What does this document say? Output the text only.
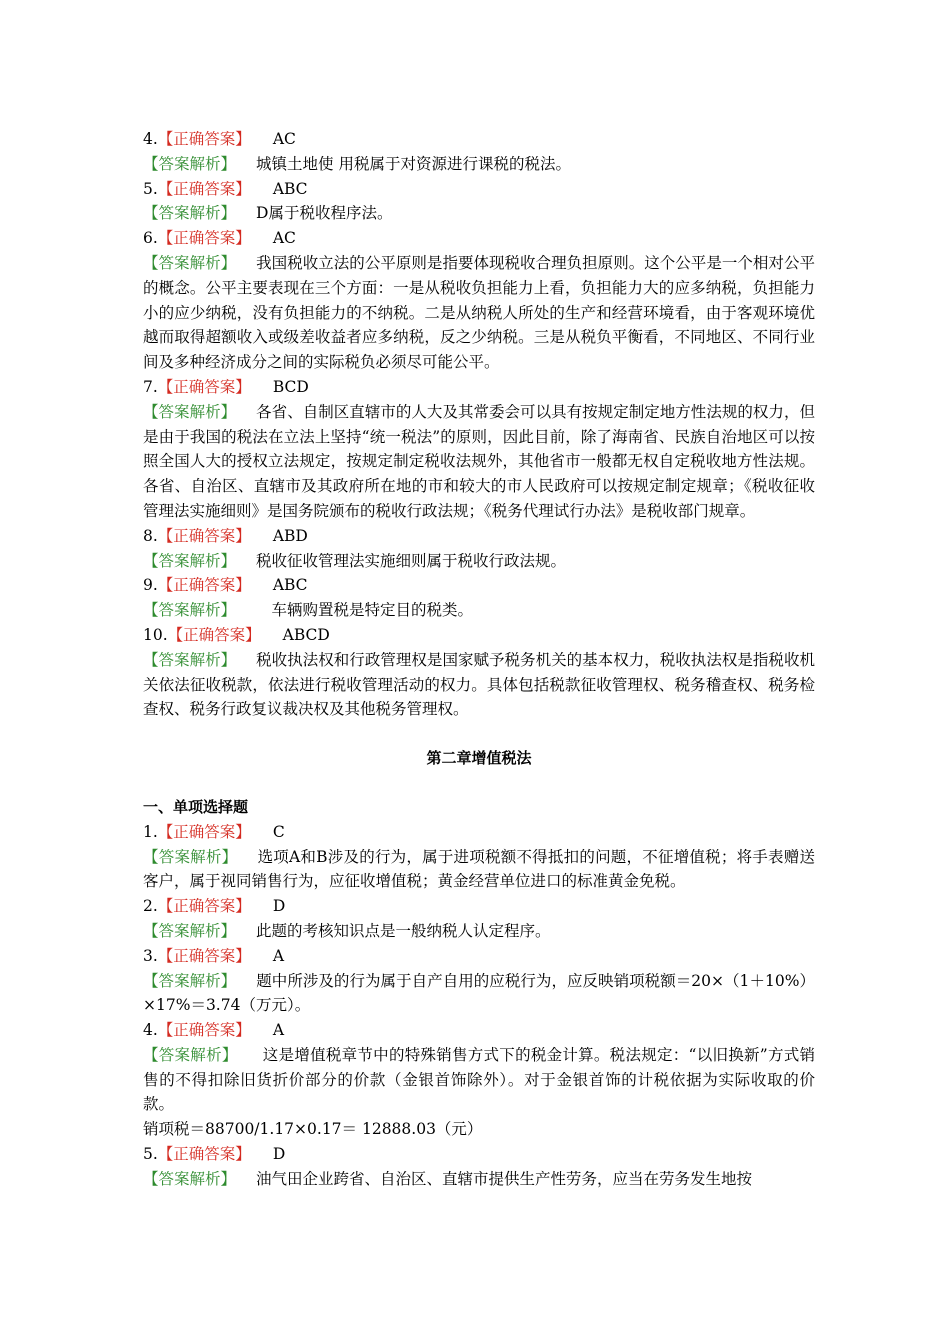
4.【正确答案】 AC
【答案解析】 城镇土地使 用税属于对资源进行课税的税法。
5.【正确答案】 ABC
【答案解析】 D属于税收程序法。
6.【正确答案】 AC
【答案解析】 我国税收立法的公平原则是指要体现税收合理负担原则。这个公平是一个相对公平的概念。公平主要表现在三个方面：一是从税收负担能力上看，负担能力大的应多纳税，负担能力小的应少纳税，没有负担能力的不纳税。二是从纳税人所处的生产和经营环境看，由于客观环境优越而取得超额收入或级差收益者应多纳税，反之少纳税。三是从税负平衡看，不同地区、不同行业间及多种经济成分之间的实际税负必须尽可能公平。
7.【正确答案】 BCD
【答案解析】 各省、自制区直辖市的人大及其常委会可以具有按规定制定地方性法规的权力，但是由于我国的税法在立法上坚持“统一税法”的原则，因此目前，除了海南省、民族自治地区可以按照全国人大的授权立法规定，按规定制定税收法规外，其他省市一般都无权自定税收地方性法规。各省、自治区、直辖市及其政府所在地的市和较大的市人民政府可以按规定制定规章；《税收征收管理法实施细则》是国务院颁布的税收行政法规；《税务代理试行办法》是税收部门规章。
8.【正确答案】 ABD
【答案解析】 税收征收管理法实施细则属于税收行政法规。
9.【正确答案】 ABC
【答案解析】　车辆购置税是特定目的税类。
10.【正确答案】 ABCD
【答案解析】 税收执法权和行政管理权是国家赋予税务机关的基本权力，税收执法权是指税收机关依法征收税款，依法进行税收管理活动的权力。具体包括税款征收管理权、税务稽查权、税务检查权、税务行政复议裁决权及其他税务管理权。
第二章增值税法
一、单项选择题
1.【正确答案】 C
【答案解析】 选项A和B涉及的行为，属于进项税额不得抵扣的问题，不征增值税；将手表赠送客户，属于视同销售行为，应征收增值税；黄金经营单位进口的标准黄金免税。
2.【正确答案】 D
【答案解析】 此题的考核知识点是一般纳税人认定程序。
3.【正确答案】 A
【答案解析】 题中所涉及的行为属于自产自用的应税行为，应反映销项税额＝20×（1＋10%）×17%＝3.74（万元）。
4.【正确答案】 A
【答案解析】 这是增值税章节中的特殊销售方式下的税金计算。税法规定：“以旧换新”方式销售的不得扣除旧货折价部分的价款（金银首饰除外）。对于金银首饰的计税依据为实际收取的价款。
销项税＝88700/1.17×0.17＝ 12888.03（元）
5.【正确答案】 D
【答案解析】 油气田企业跨省、自治区、直辖市提供生产性劳务，应当在劳务发生地按
